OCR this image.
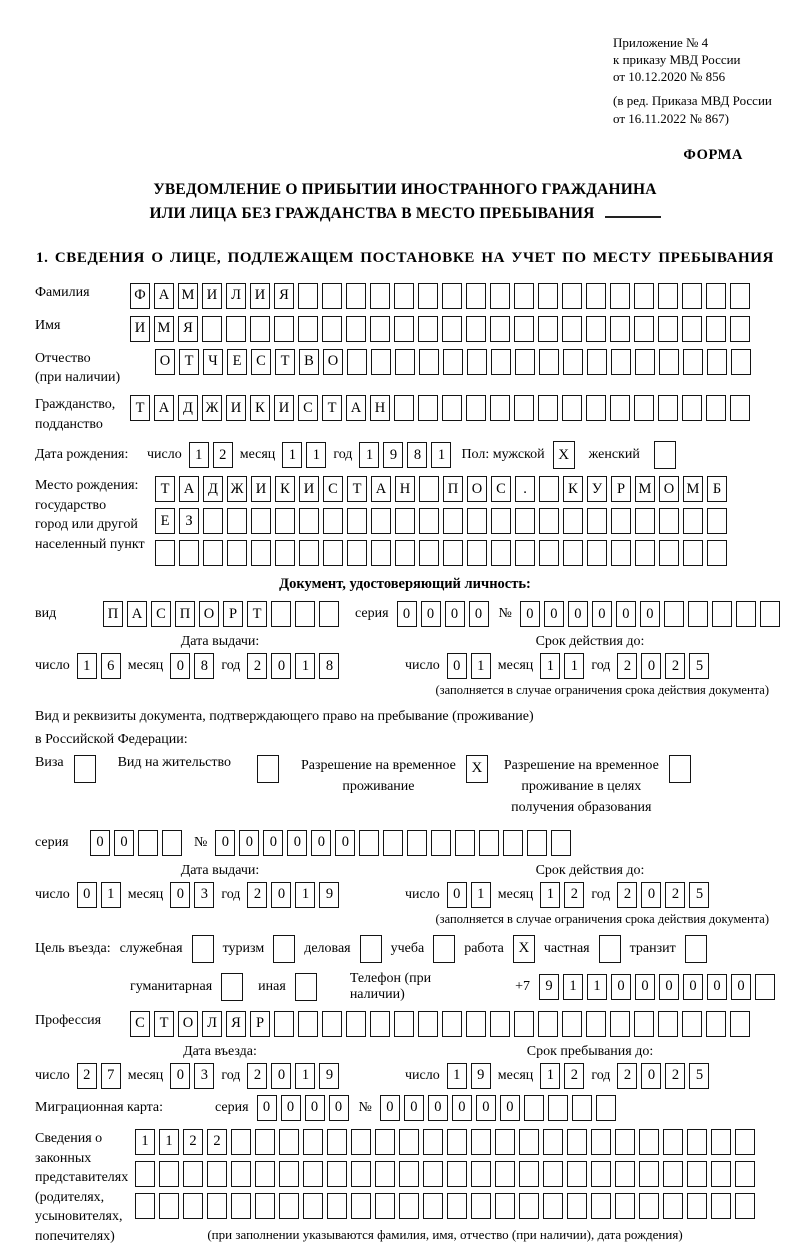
Приложение № 4
к приказу МВД России
от 10.12.2020 № 856
(в ред. Приказа МВД России
от 16.11.2022 № 867)
ФОРМА
УВЕДОМЛЕНИЕ О ПРИБЫТИИ ИНОСТРАННОГО ГРАЖДАНИНА
ИЛИ ЛИЦА БЕЗ ГРАЖДАНСТВА В МЕСТО ПРЕБЫВАНИЯ
1. СВЕДЕНИЯ О ЛИЦЕ, ПОДЛЕЖАЩЕМ ПОСТАНОВКЕ НА УЧЕТ ПО МЕСТУ ПРЕБЫВАНИЯ
Фамилия	Ф А М И Л И Я
Имя	И М Я
Отчество
(при наличии)
О Т	Ч	Е	С	Т	В О
Гражданство,
подданство
Т А Д Ж И К И С	Т А Н
Дата рождения:	число 1	2 месяц 1	1 год 1	9	8	1	Пол: мужской X	женский
Место рождения:
государство
город или другой
населенный пункт
Т А Д Ж И К И С	Т А Н	П О С	.	К У	Р М О М Б
Е	З
Документ, удостоверяющий личность:
вид	П А С П О	Р	Т	серия 0	0	0	0	№ 0	0	0	0	0	0
Дата выдачи:	Срок действия до:
число 1	6 месяц 0	8 год 2	0	1	8	число 0	1 месяц 1	1 год 2	0	2	5
(заполняется в случае ограничения срока действия документа)
Вид и реквизиты документа, подтверждающего право на пребывание (проживание)
в Российской Федерации:
Виза	Вид на жительство	Разрешение на временное
проживание
X	Разрешение на временное
проживание в целях
получения образования
серия	0	0	№ 0	0	0	0	0	0
Дата выдачи:	Срок действия до:
число 0	1 месяц 0	3 год 2	0	1	9	число 0	1 месяц 1	2 год 2	0	2	5
(заполняется в случае ограничения срока действия документа)
Цель въезда: служебная	туризм	деловая	учеба	работа X	частная	транзит
гуманитарная	иная
Телефон (при наличии)
+7	9	1	1	0	0	0	0	0	0
Профессия	С	Т О Л Я	Р
Дата въезда:	Срок пребывания до:
число 2	7 месяц 0	3 год 2	0	1	9	число 1	9 месяц 1	2 год 2	0	2	5
Миграционная карта:	серия 0	0	0	0	№ 0	0	0	0	0	0
Сведения о
законных
представителях
(родителях,
усыновителях,
попечителях)
1	1	2	2
(при заполнении указываются фамилия, имя, отчество (при наличии), дата рождения)
